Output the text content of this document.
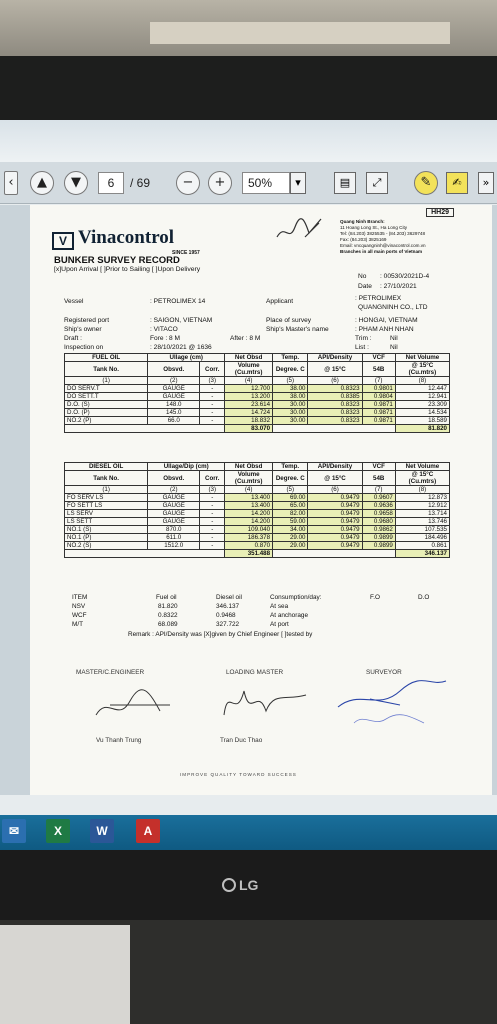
‹	▲	▼	6	/ 69	−	+	50%	▾	▤	⤢	✎	✍	»
HH29
V Vinacontrol
SINCE 1957
Quang Ninh Branch:
11 Hoang Long St., Ha Long City
Tel: (84.203) 3825535 - (84.203) 3629748
Fax: (84.203) 3825169
Email: vncquangninh@vinacontrol.com.vn
Branches in all main ports of Vietnam
BUNKER SURVEY RECORD
[x]Upon Arrival [ ]Prior to Sailing [ ]Upon Delivery
No : 00530/2021D-4
Date : 27/10/2021
Vessel	: PETROLIMEX 14	Applicant	: PETROLIMEX
QUANGNINH CO., LTD
Registered port	: SAIGON, VIETNAM	Place of survey	: HONGAI, VIETNAM
Ship's owner	: VITACO	Ship's Master's name	: PHAM ANH NHAN
Draft :	Fore : 8 M	After : 8 M	Trim :	Nil
Inspection on	: 28/10/2021 @ 1636	List :	Nil
FUEL OIL	Ullage (cm)		Net Obsd	Temp.	API/Density	VCF	Net Volume
Tank No.	Obsvd.	Corr.	Volume (Cu.mtrs)	Degree. C	@ 15°C	54B	@ 15°C (Cu.mtrs)
(1)	(2)	(3)	(4)	(5)	(6)	(7)	(8)
DO SERV.T	GAUGE	-	12.700	38.00	0.8323	0.9801	12.447
DO SETT.T	GAUGE	-	13.200	38.00	0.8385	0.9804	12.941
D.O. (S)	148.0	-	23.614	30.00	0.8323	0.9871	23.309
D.O. (P)	145.0	-	14.724	30.00	0.8323	0.9871	14.534
NO.2 (P)	66.0	-	18.832	30.00	0.8323	0.9871	18.589
			83.070				81.820
DIESEL OIL	Ullage/Dip (cm)		Net Obsd	Temp.	API/Density	VCF	Net Volume
Tank No.	Obsvd.	Corr.	Volume (Cu.mtrs)	Degree. C	@ 15°C	54B	@ 15°C (Cu.mtrs)
(1)	(2)	(3)	(4)	(5)	(6)	(7)	(8)
FO SERV LS	GAUGE	-	13.400	69.00	0.9479	0.9607	12.873
FO SETT LS	GAUGE	-	13.400	65.00	0.9479	0.9636	12.912
LS SERV	GAUGE	-	14.200	82.00	0.9479	0.9658	13.714
LS SETT	GAUGE	-	14.200	59.00	0.9479	0.9680	13.746
NO.1 (S)	870.0	-	109.040	34.00	0.9479	0.9862	107.535
NO.1 (P)	611.0	-	186.378	29.00	0.9479	0.9899	184.496
NO.2 (S)	1512.0	-	0.870	29.00	0.9479	0.9899	0.861
			351.488				346.137
ITEM	Fuel oil	Diesel oil	Consumption/day:	F.O	D.O
NSV	81.820	346.137	At sea
WCF	0.8322	0.9468	At anchorage
M/T	68.089	327.722	At port
Remark : API/Density was [X]given by Chief Engineer [ ]tested by
MASTER/C.ENGINEER	LOADING MASTER	SURVEYOR
Vu Thanh Trung	Tran Duc Thao
IMPROVE QUALITY TOWARD SUCCESS
✉	X	W	A
LG
